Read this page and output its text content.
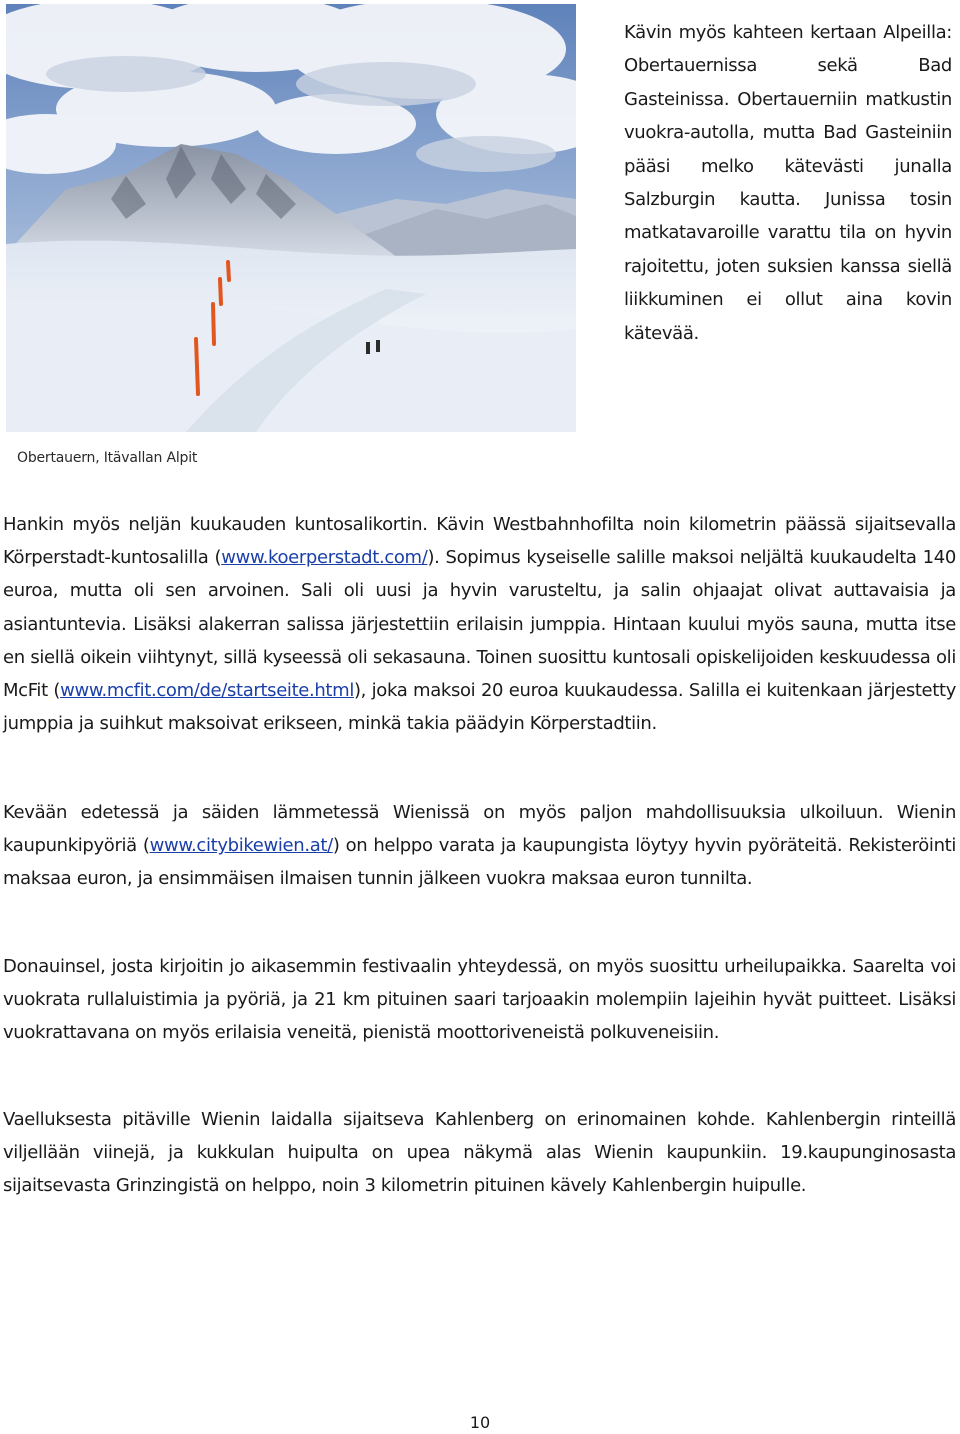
Kävin myös kahteen kertaan Alpeilla: Obertauernissa sekä Bad Gasteinissa. Obertauerniin matkustin vuokra-autolla, mutta Bad Gasteiniin pääsi melko kätevästi junalla Salzburgin kautta. Junissa tosin matkatavaroille varattu tila on hyvin rajoitettu, joten suksien kanssa siellä liikkuminen ei ollut aina kovin kätevää.

Obertauern, Itävallan Alpit

Hankin myös neljän kuukauden kuntosalikortin. Kävin Westbahnhofilta noin kilometrin päässä sijaitsevalla Körperstadt-kuntosalilla (www.koerperstadt.com/). Sopimus kyseiselle salille maksoi neljältä kuukaudelta 140 euroa, mutta oli sen arvoinen. Sali oli uusi ja hyvin varusteltu, ja salin ohjaajat olivat auttavaisia ja asiantuntevia. Lisäksi alakerran salissa järjestettiin erilaisin jumppia. Hintaan kuului myös sauna, mutta itse en siellä oikein viihtynyt, sillä kyseessä oli sekasauna. Toinen suosittu kuntosali opiskelijoiden keskuudessa oli McFit (www.mcfit.com/de/startseite.html), joka maksoi 20 euroa kuukaudessa. Salilla ei kuitenkaan järjestetty jumppia ja suihkut maksoivat erikseen, minkä takia päädyin Körperstadtiin.

Kevään edetessä ja säiden lämmetessä Wienissä on myös paljon mahdollisuuksia ulkoiluun. Wienin kaupunkipyöriä (www.citybikewien.at/) on helppo varata ja kaupungista löytyy hyvin pyöräteitä. Rekisteröinti maksaa euron, ja ensimmäisen ilmaisen tunnin jälkeen vuokra maksaa euron tunnilta.

Donauinsel, josta kirjoitin jo aikasemmin festivaalin yhteydessä, on myös suosittu urheilupaikka. Saarelta voi vuokrata rullaluistimia ja pyöriä, ja 21 km pituinen saari tarjoaakin molempiin lajeihin hyvät puitteet. Lisäksi vuokrattavana on myös erilaisia veneitä, pienistä moottoriveneistä polkuveneisiin.

Vaelluksesta pitäville Wienin laidalla sijaitseva Kahlenberg on erinomainen kohde. Kahlenbergin rinteillä viljellään viinejä, ja kukkulan huipulta on upea näkymä alas Wienin kaupunkiin. 19.kaupunginosasta sijaitsevasta Grinzingistä on helppo, noin 3 kilometrin pituinen kävely Kahlenbergin huipulle.

10
